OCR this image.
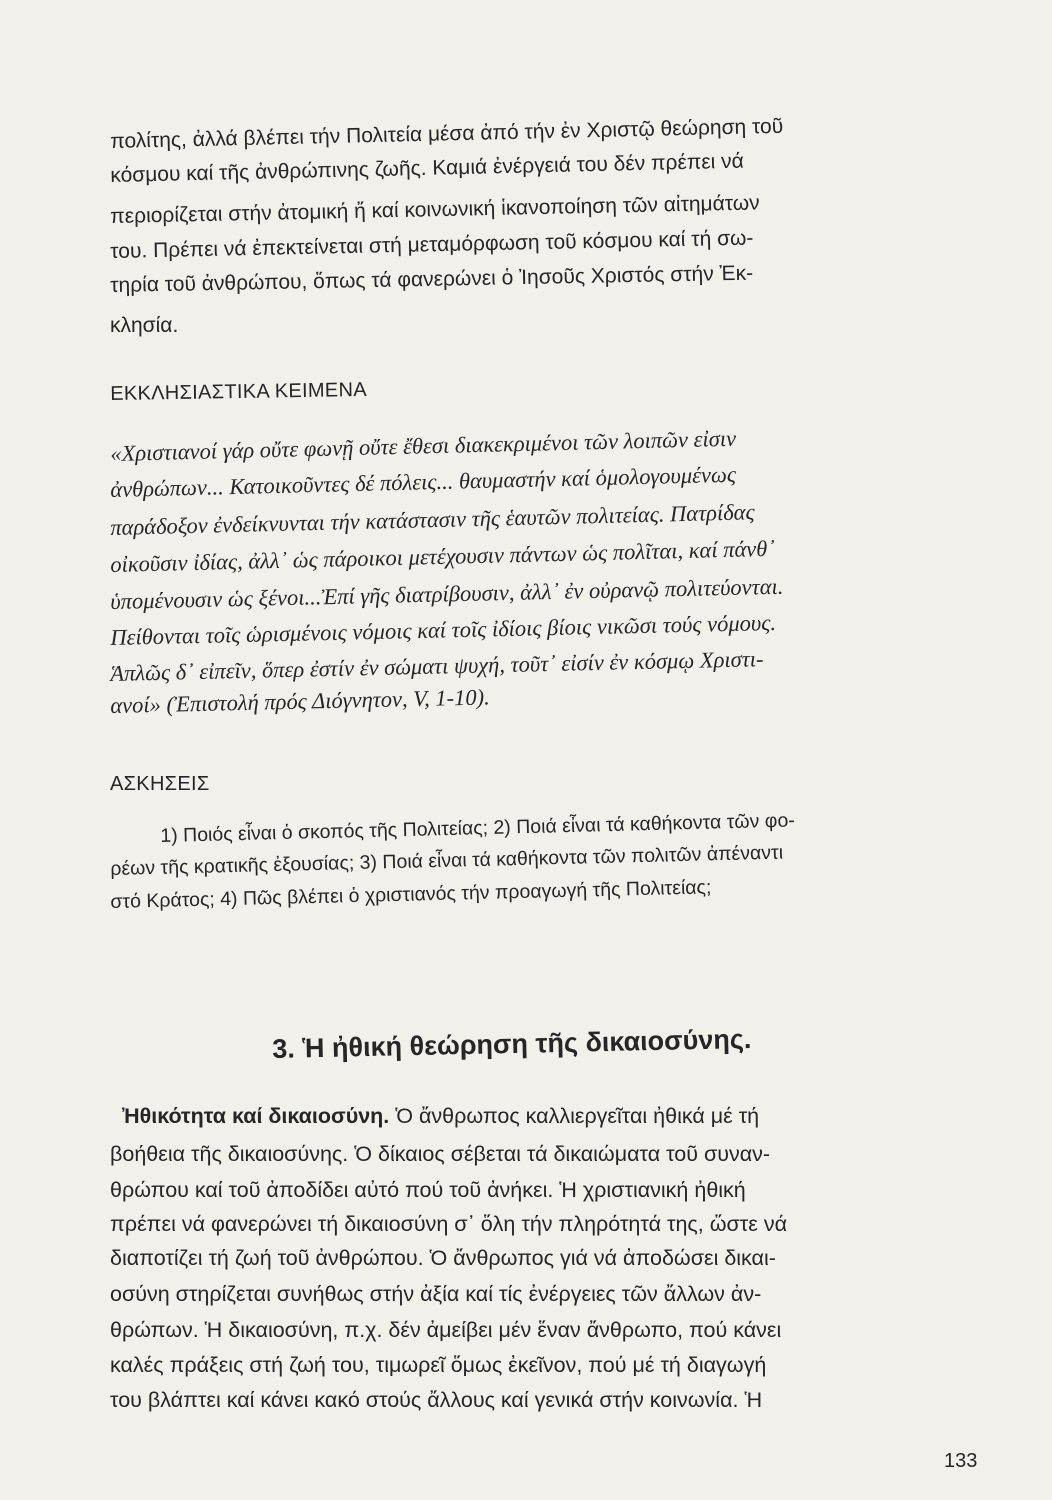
πολίτης, ἀλλά βλέπει τήν Πολιτεία μέσα ἀπό τήν ἐν Χριστῷ θεώρηση τοῦ
κόσμου καί τῆς ἀνθρώπινης ζωῆς. Καμιά ἐνέργειά του δέν πρέπει νά
περιορίζεται στήν ἀτομική ἤ καί κοινωνική ἱκανοποίηση τῶν αἰτημάτων
του. Πρέπει νά ἐπεκτείνεται στή μεταμόρφωση τοῦ κόσμου καί τή σω-
τηρία τοῦ ἀνθρώπου, ὅπως τά φανερώνει ὁ Ἰησοῦς Χριστός στήν Ἐκ-
κλησία.
ΕΚΚΛΗΣΙΑΣΤΙΚΑ ΚΕΙΜΕΝΑ
«Χριστιανοί γάρ οὔτε φωνῇ οὔτε ἔθεσι διακεκριμένοι τῶν λοιπῶν εἰσιν
ἀνθρώπων... Κατοικοῦντες δέ πόλεις... θαυμαστήν καί ὁμολογουμένως
παράδοξον ἐνδείκνυνται τήν κατάστασιν τῆς ἑαυτῶν πολιτείας. Πατρίδας
οἰκοῦσιν ἰδίας, ἀλλ᾽ ὡς πάροικοι μετέχουσιν πάντων ὡς πολῖται, καί πάνθ᾽
ὑπομένουσιν ὡς ξένοι...Ἐπί γῆς διατρίβουσιν, ἀλλ᾽ ἐν οὐρανῷ πολιτεύονται.
Πείθονται τοῖς ὡρισμένοις νόμοις καί τοῖς ἰδίοις βίοις νικῶσι τούς νόμους.
Ἁπλῶς δ᾽ εἰπεῖν, ὅπερ ἐστίν ἐν σώματι ψυχή, τοῦτ᾽ εἰσίν ἐν κόσμῳ Χριστι-
ανοί» (Ἐπιστολή πρός Διόγνητον, V, 1-10).
ΑΣΚΗΣΕΙΣ
1) Ποιός εἶναι ὁ σκοπός τῆς Πολιτείας; 2) Ποιά εἶναι τά καθήκοντα τῶν φο-
ρέων τῆς κρατικῆς ἐξουσίας; 3) Ποιά εἶναι τά καθήκοντα τῶν πολιτῶν ἀπέναντι
στό Κράτος; 4) Πῶς βλέπει ὁ χριστιανός τήν προαγωγή τῆς Πολιτείας;
3. Ἡ ἠθική θεώρηση τῆς δικαιοσύνης.
Ἠθικότητα καί δικαιοσύνη. Ὁ ἄνθρωπος καλλιεργεῖται ἠθικά μέ τή
βοήθεια τῆς δικαιοσύνης. Ὁ δίκαιος σέβεται τά δικαιώματα τοῦ συναν-
θρώπου καί τοῦ ἀποδίδει αὐτό πού τοῦ ἀνήκει. Ἡ χριστιανική ἠθική
πρέπει νά φανερώνει τή δικαιοσύνη σ᾽ ὅλη τήν πληρότητά της, ὥστε νά
διαποτίζει τή ζωή τοῦ ἀνθρώπου. Ὁ ἄνθρωπος γιά νά ἀποδώσει δικαι-
οσύνη στηρίζεται συνήθως στήν ἀξία καί τίς ἐνέργειες τῶν ἄλλων ἀν-
θρώπων. Ἡ δικαιοσύνη, π.χ. δέν ἀμείβει μέν ἕναν ἄνθρωπο, πού κάνει
καλές πράξεις στή ζωή του, τιμωρεῖ ὅμως ἐκεῖνον, πού μέ τή διαγωγή
του βλάπτει καί κάνει κακό στούς ἄλλους καί γενικά στήν κοινωνία. Ἡ
133
